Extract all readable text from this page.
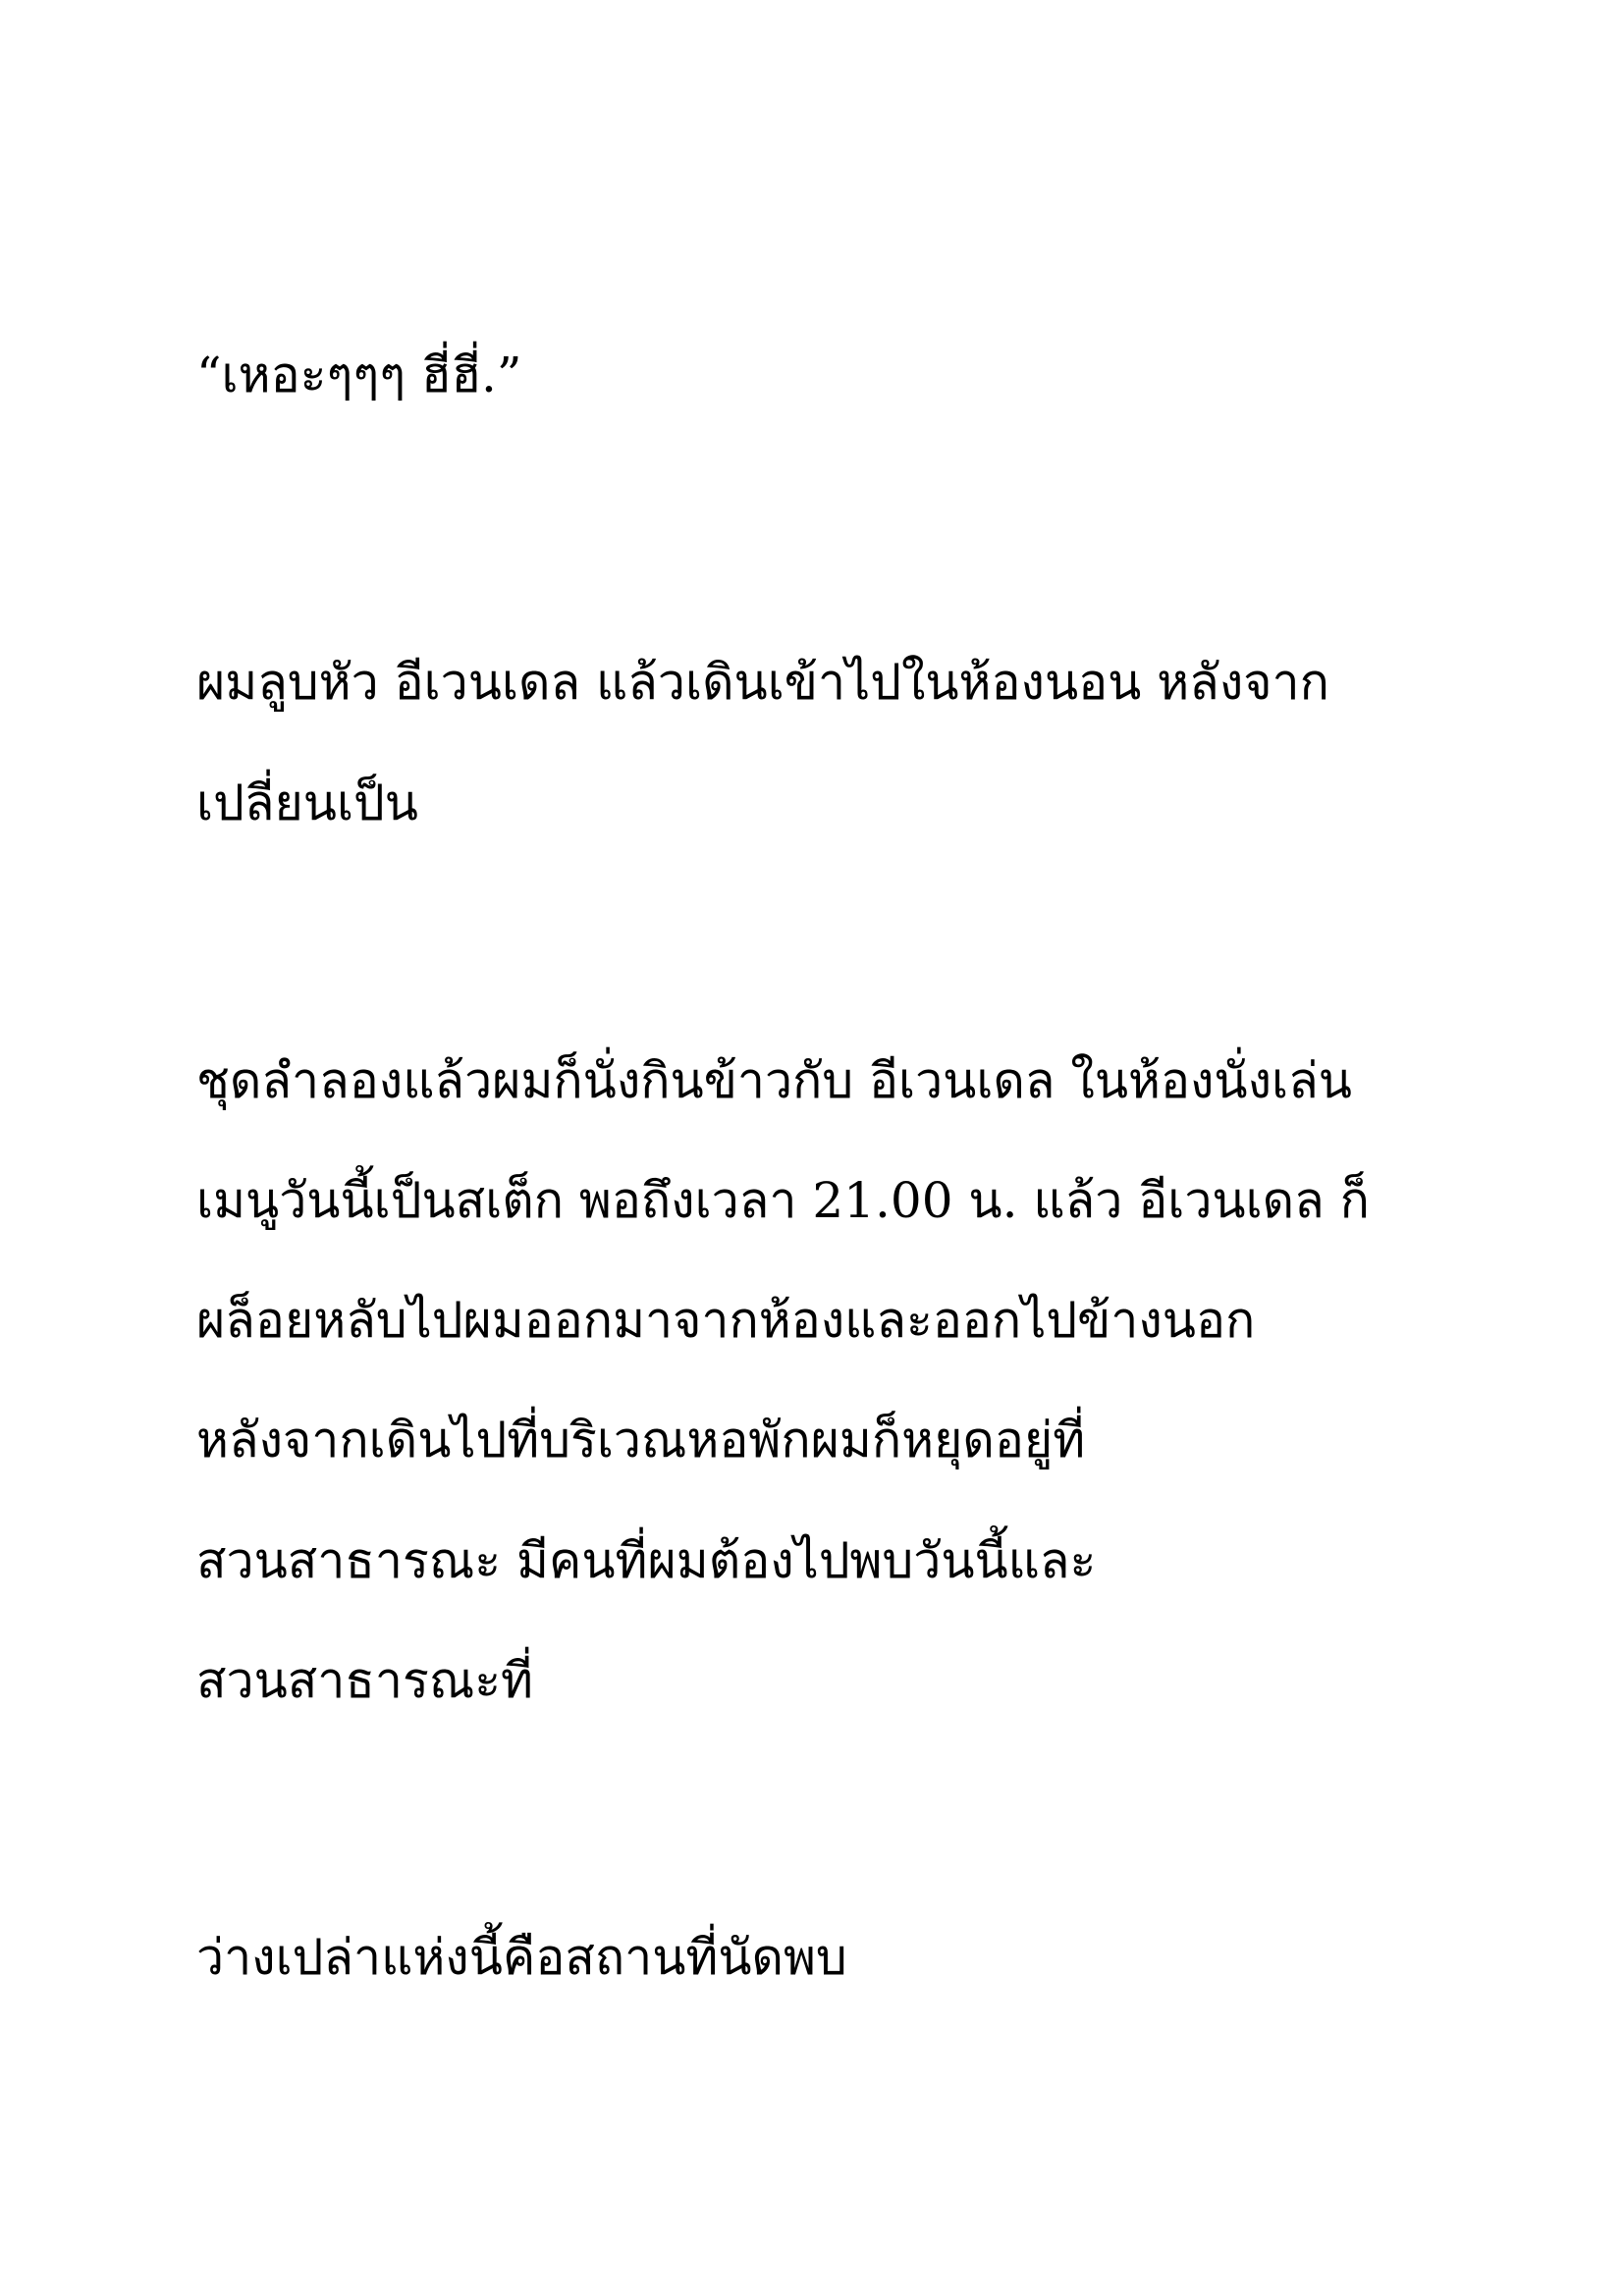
“เหอะๆๆๆ ฮี่ฮี่.”
ผมลูบหัว อีเวนเดล แล้วเดินเข้าไปในห้องนอน หลังจาก
เปลี่ยนเป็น
ชุดลำลองแล้วผมก็นั่งกินข้าวกับ อีเวนเดล ในห้องนั่งเล่น
เมนูวันนี้เป็นสเต็ก พอถึงเวลา 21.00 น. แล้ว อีเวนเดล ก็
ผล็อยหลับไปผมออกมาจากห้องและออกไปข้างนอก
หลังจากเดินไปที่บริเวณหอพักผมก็หยุดอยู่ที่
สวนสาธารณะ มีคนที่ผมต้องไปพบวันนี้และ
สวนสาธารณะที่
ว่างเปล่าแห่งนี้คือสถานที่นัดพบ
